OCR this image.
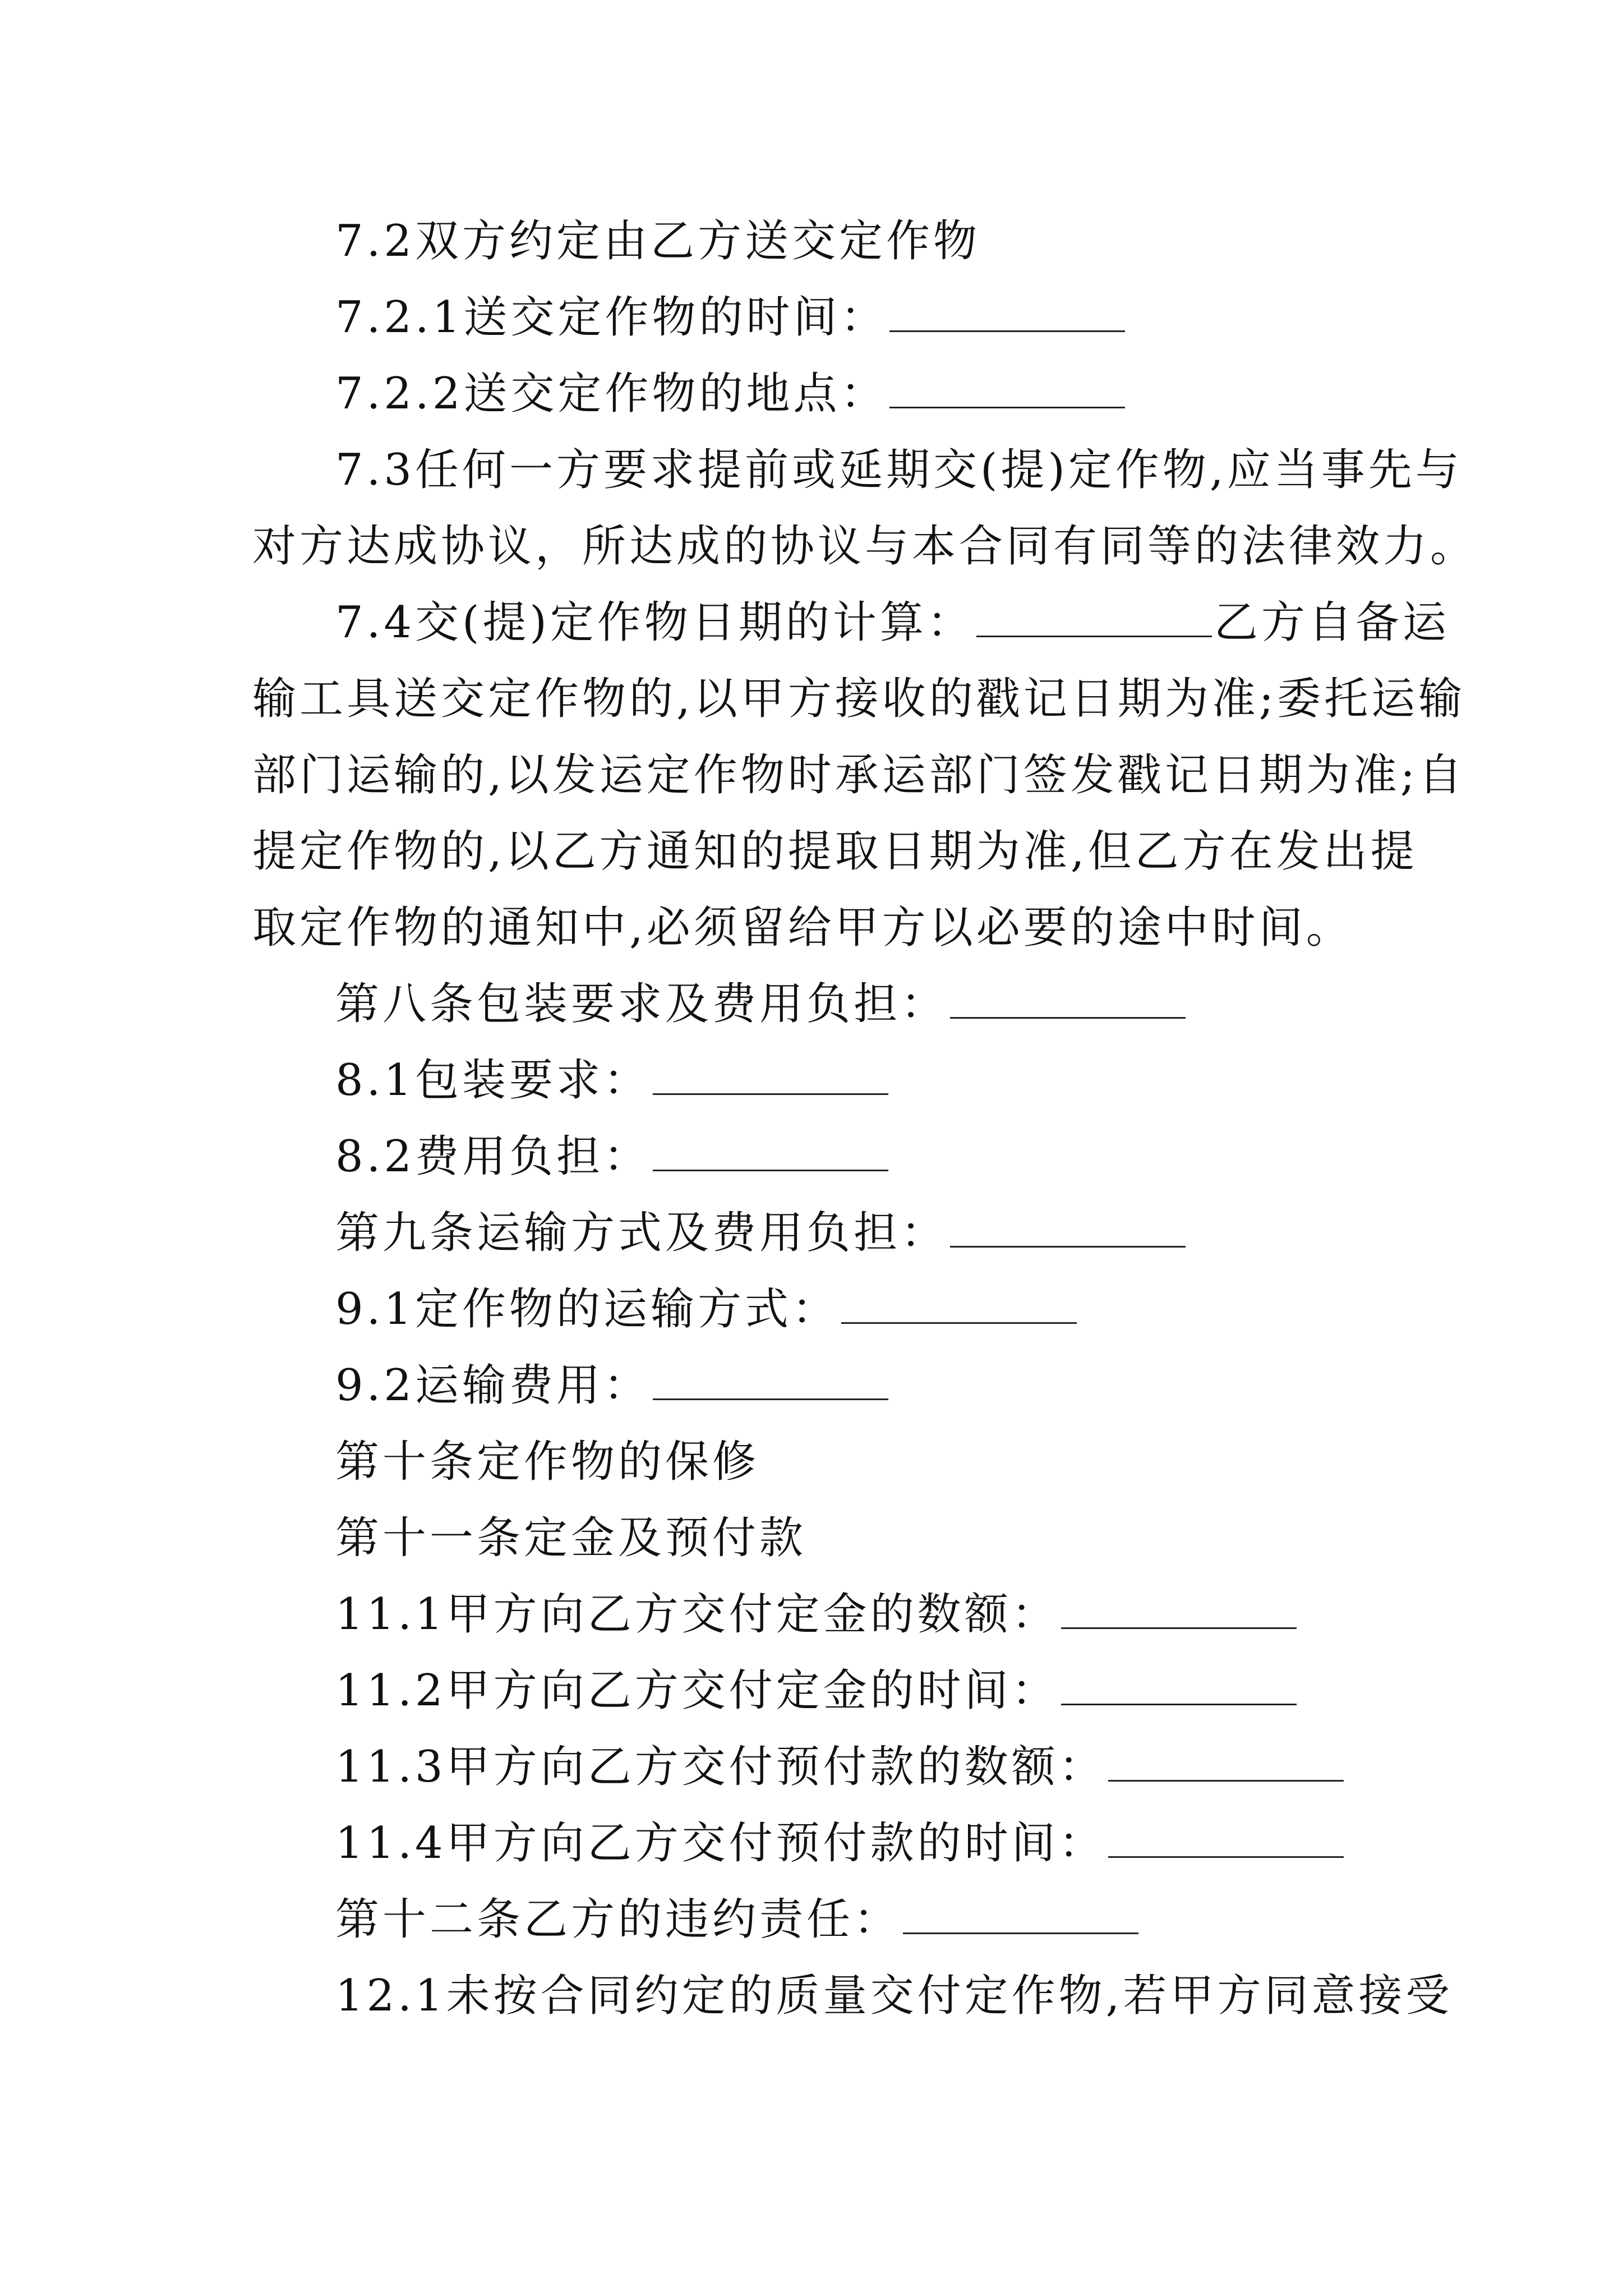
7.2双方约定由乙方送交定作物
7.2.1送交定作物的时间：
7.2.2送交定作物的地点：
7.3任何一方要求提前或延期交(提)定作物,应当事先与
对方达成协议，所达成的协议与本合同有同等的法律效力。
7.4交(提)定作物日期的计算：	乙方自备运
输工具送交定作物的,以甲方接收的戳记日期为准;委托运输
部门运输的,以发运定作物时承运部门签发戳记日期为准;自
提定作物的,以乙方通知的提取日期为准,但乙方在发出提
取定作物的通知中,必须留给甲方以必要的途中时间。
第八条包装要求及费用负担：
8.1包装要求：
8.2费用负担：
第九条运输方式及费用负担：
9.1定作物的运输方式：
9.2运输费用：
第十条定作物的保修
第十一条定金及预付款
11.1甲方向乙方交付定金的数额：
11.2甲方向乙方交付定金的时间：
11.3甲方向乙方交付预付款的数额：
11.4甲方向乙方交付预付款的时间：
第十二条乙方的违约责任：
12.1未按合同约定的质量交付定作物,若甲方同意接受
